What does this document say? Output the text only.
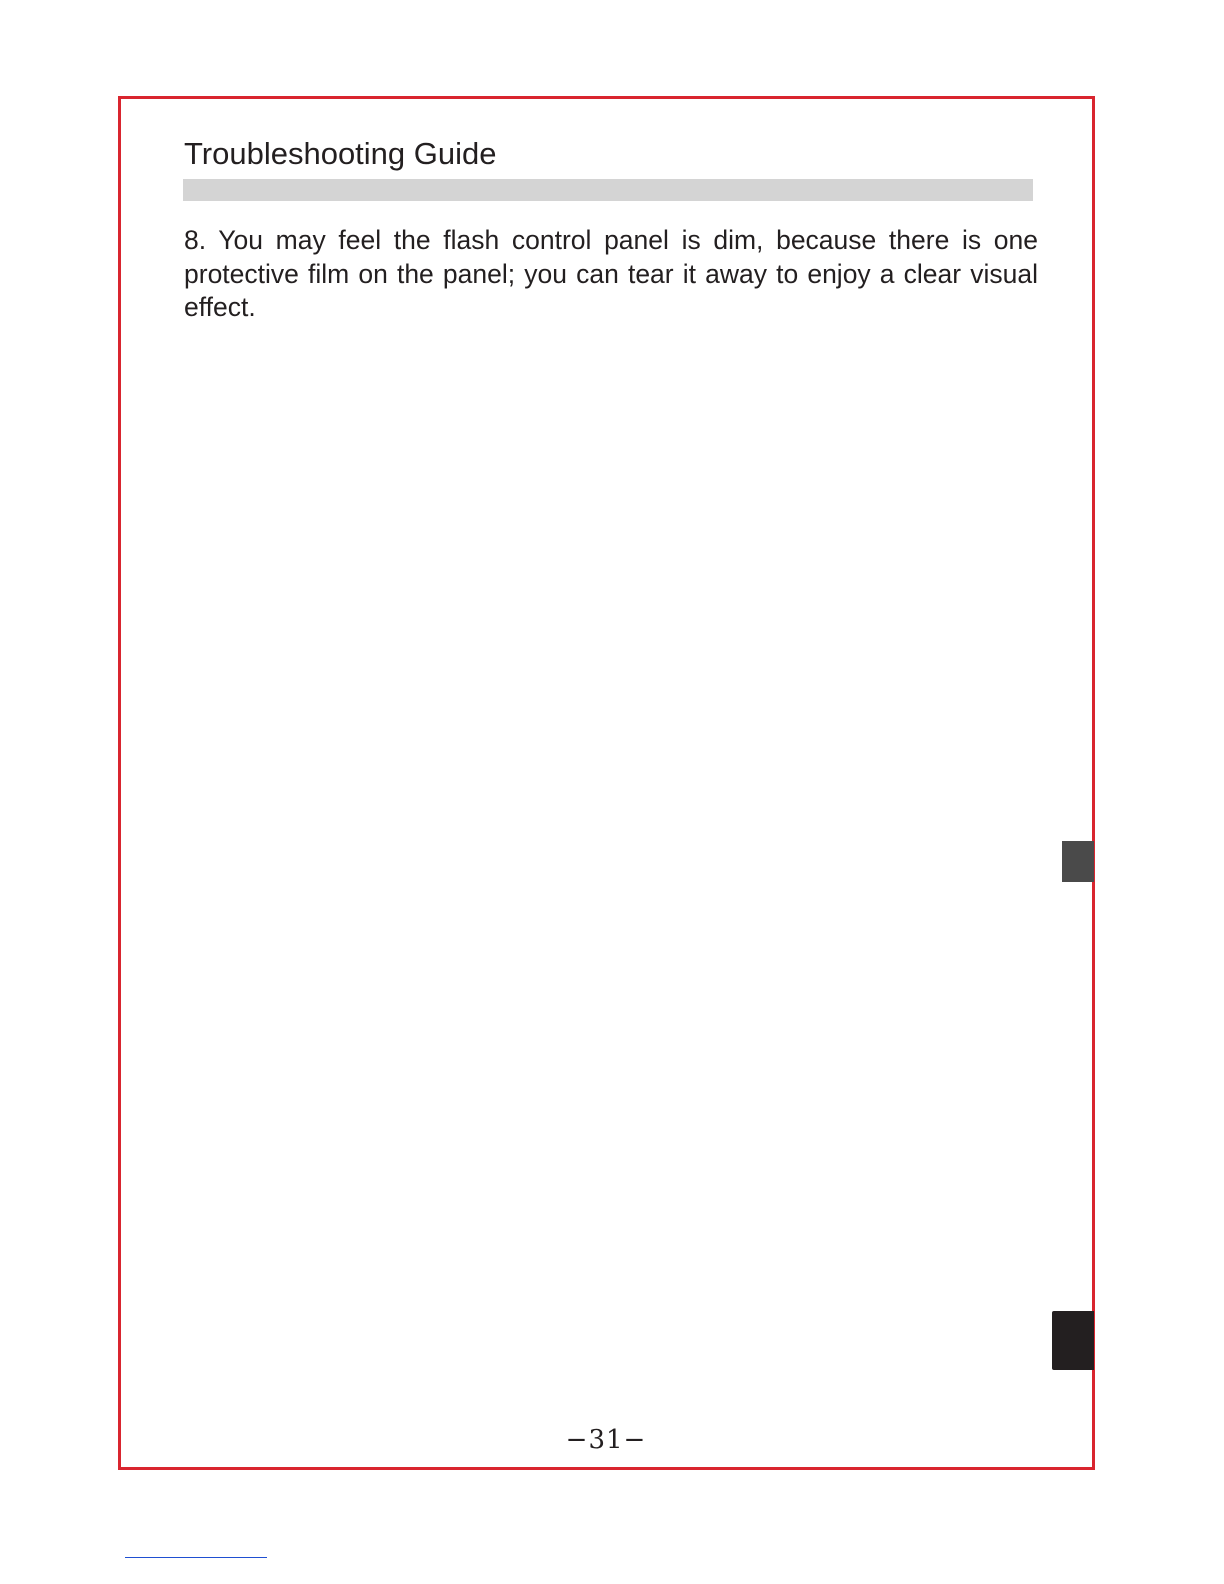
Troubleshooting Guide

8. You may feel the flash control panel is dim, because there is one protective film on the panel; you can tear it away to enjoy a clear visual effect.

−31−
